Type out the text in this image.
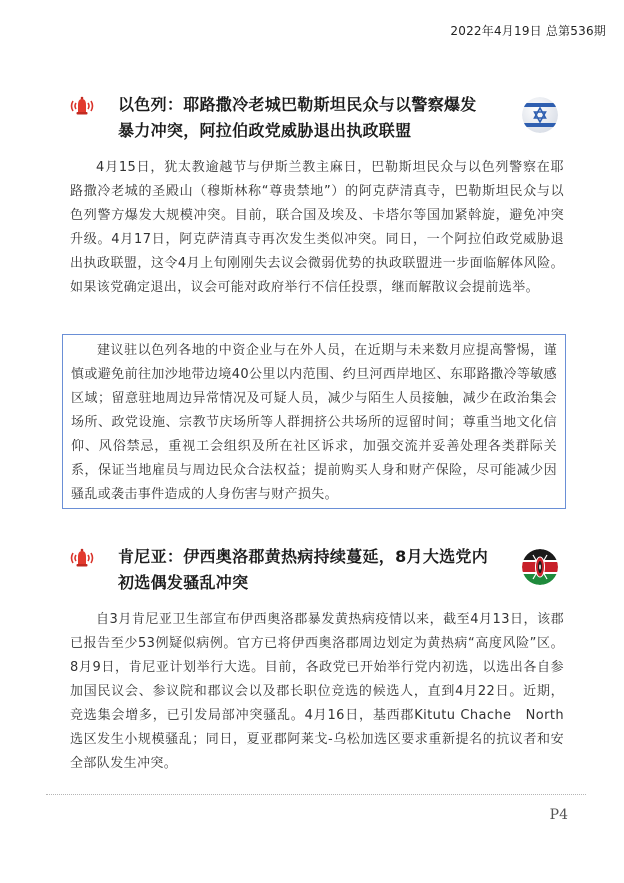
2022年4月19日 总第536期
以色列：耶路撒冷老城巴勒斯坦民众与以警察爆发
暴力冲突，阿拉伯政党威胁退出执政联盟
4月15日，犹太教逾越节与伊斯兰教主麻日，巴勒斯坦民众与以色列警察在耶路撒冷老城的圣殿山（穆斯林称“尊贵禁地”）的阿克萨清真寺，巴勒斯坦民众与以色列警方爆发大规模冲突。目前，联合国及埃及、卡塔尔等国加紧斡旋，避免冲突升级。4月17日，阿克萨清真寺再次发生类似冲突。同日，一个阿拉伯政党威胁退出执政联盟，这令4月上旬刚刚失去议会微弱优势的执政联盟进一步面临解体风险。如果该党确定退出，议会可能对政府举行不信任投票，继而解散议会提前选举。

建议驻以色列各地的中资企业与在外人员，在近期与未来数月应提高警惕，谨慎或避免前往加沙地带边境40公里以内范围、约旦河西岸地区、东耶路撒冷等敏感区域；留意驻地周边异常情况及可疑人员，减少与陌生人员接触，减少在政治集会场所、政党设施、宗教节庆场所等人群拥挤公共场所的逗留时间；尊重当地文化信仰、风俗禁忌，重视工会组织及所在社区诉求，加强交流并妥善处理各类群际关系，保证当地雇员与周边民众合法权益；提前购买人身和财产保险，尽可能减少因骚乱或袭击事件造成的人身伤害与财产损失。

肯尼亚：伊西奥洛郡黄热病持续蔓延，8月大选党内
初选偶发骚乱冲突
自3月肯尼亚卫生部宣布伊西奥洛郡暴发黄热病疫情以来，截至4月13日，该郡已报告至少53例疑似病例。官方已将伊西奥洛郡周边划定为黄热病“高度风险”区。8月9日，肯尼亚计划举行大选。目前，各政党已开始举行党内初选，以选出各自参加国民议会、参议院和郡议会以及郡长职位竞选的候选人，直到4月22日。近期，竞选集会增多，已引发局部冲突骚乱。4月16日，基西郡Kitutu Chache　North选区发生小规模骚乱；同日，夏亚郡阿莱戈-乌松加选区要求重新提名的抗议者和安全部队发生冲突。
P4
